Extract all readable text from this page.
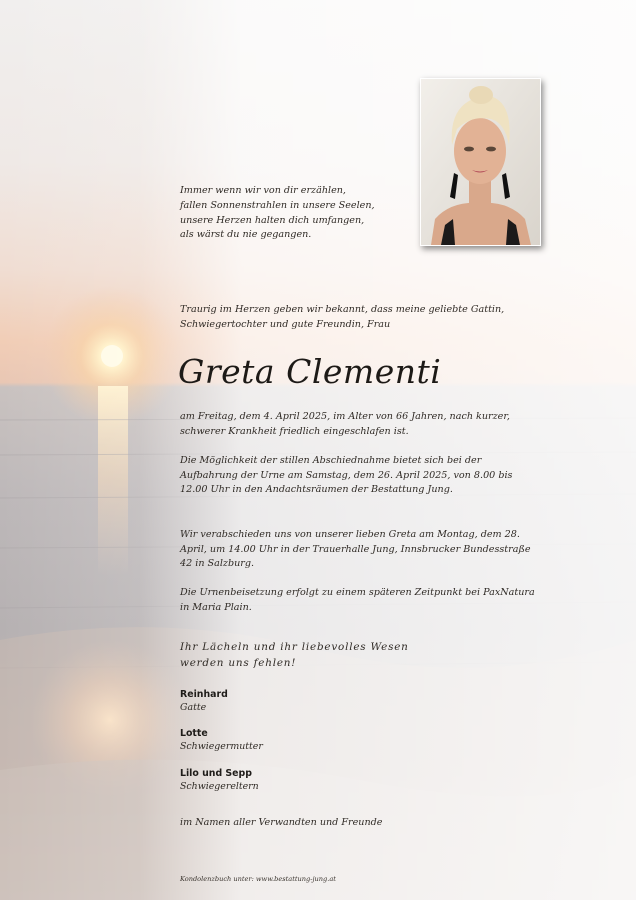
Immer wenn wir von dir erzählen,
fallen Sonnenstrahlen in unsere Seelen,
unsere Herzen halten dich umfangen,
als wärst du nie gegangen.
Traurig im Herzen geben wir bekannt, dass meine geliebte Gattin, Schwiegertochter und gute Freundin, Frau
Greta Clementi
am Freitag, dem 4. April 2025, im Alter von 66 Jahren, nach kurzer, schwerer Krankheit friedlich eingeschlafen ist.
Die Möglichkeit der stillen Abschiednahme bietet sich bei der Aufbahrung der Urne am Samstag, dem 26. April 2025, von 8.00 bis 12.00 Uhr in den Andachtsräumen der Bestattung Jung.
Wir verabschieden uns von unserer lieben Greta am Montag, dem 28. April, um 14.00 Uhr in der Trauerhalle Jung, Innsbrucker Bundesstraße 42 in Salzburg.
Die Urnenbeisetzung erfolgt zu einem späteren Zeitpunkt bei PaxNatura in Maria Plain.
Ihr Lächeln und ihr liebevolles Wesen
werden uns fehlen!
Reinhard
Gatte
Lotte
Schwiegermutter
Lilo und Sepp
Schwiegereltern
im Namen aller Verwandten und Freunde
Kondolenzbuch unter: www.bestattung-jung.at
